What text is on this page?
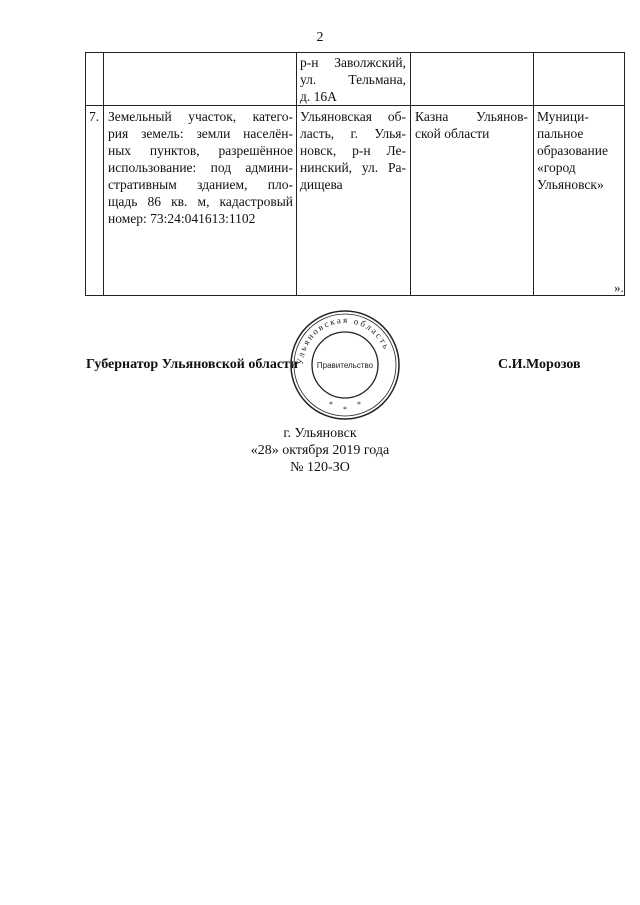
2
р-н Заволжский,
ул. Тельмана,
д. 16А
7. Земельный участок, катего-
рия земель: земли населён-
ных пунктов, разрешённое
использование: под админи-
стративным зданием, пло-
щадь 86 кв. м, кадастровый
номер: 73:24:041613:1102
Ульяновская об-
ласть, г. Улья-
новск, р-н Ле-
нинский, ул. Ра-
дищева
Казна Ульянов-
ской области
Муници-
пальное
образование
«город
Ульяновск»
».
Губернатор Ульяновской области	С.И.Морозов
Ульяновская область
Правительство
*
*
*
г. Ульяновск
«28» октября 2019 года
№ 120-ЗО
